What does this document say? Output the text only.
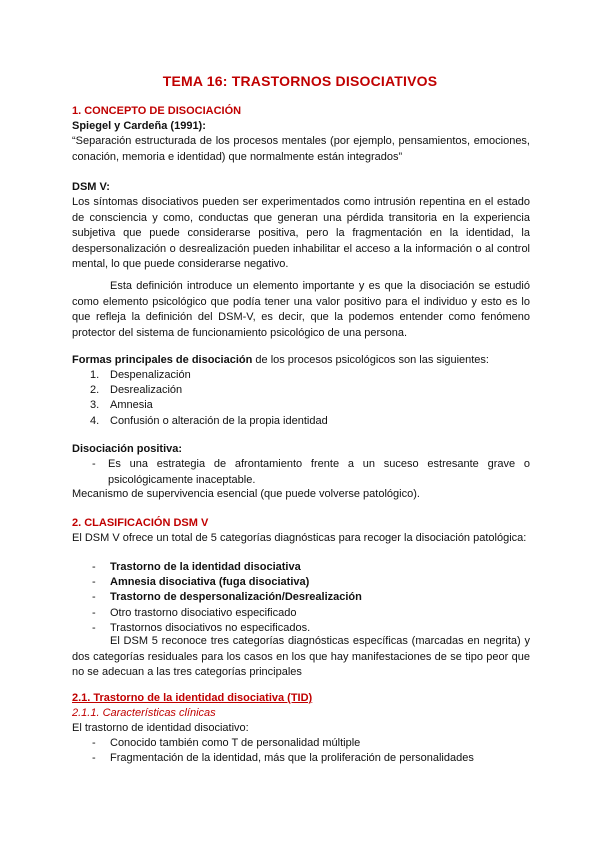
TEMA 16: TRASTORNOS DISOCIATIVOS
1. CONCEPTO DE DISOCIACIÓN
Spiegel y Cardeña (1991):
“Separación estructurada de los procesos mentales (por ejemplo, pensamientos, emociones, conación, memoria e identidad) que normalmente están integrados”
DSM V:
Los síntomas disociativos pueden ser experimentados como intrusión repentina en el estado de consciencia y como, conductas que generan una pérdida transitoria en la experiencia subjetiva que puede considerarse positiva, pero la fragmentación en la identidad, la despersonalización o desrealización pueden inhabilitar el acceso a la información o al control mental, lo que puede considerarse negativo.
Esta definición introduce un elemento importante y es que la disociación se estudió como elemento psicológico que podía tener una valor positivo para el individuo y esto es lo que refleja la definición del DSM-V, es decir, que la podemos entender como fenómeno protector del sistema de funcionamiento psicológico de una persona.
Formas principales de disociación de los procesos psicológicos son las siguientes:
1. Despenalización
2. Desrealización
3. Amnesia
4. Confusión o alteración de la propia identidad
Disociación positiva:
-	Es una estrategia de afrontamiento frente a un suceso estresante grave o psicológicamente inaceptable.
Mecanismo de supervivencia esencial (que puede volverse patológico).
2. CLASIFICACIÓN DSM V
El DSM V ofrece un total de 5 categorías diagnósticas para recoger la disociación patológica:
-	Trastorno de la identidad disociativa
-	Amnesia disociativa (fuga disociativa)
-	Trastorno de despersonalización/Desrealización
-	Otro trastorno disociativo especificado
-	Trastornos disociativos no especificados.
El DSM 5 reconoce tres categorías diagnósticas específicas (marcadas en negrita) y dos categorías residuales para los casos en los que hay manifestaciones de se tipo peor que no se adecuan a las tres categorías principales
2.1. Trastorno de la identidad disociativa (TID)
2.1.1. Características clínicas
El trastorno de identidad disociativo:
-	Conocido también como T de personalidad múltiple
-	Fragmentación de la identidad, más que la proliferación de personalidades
